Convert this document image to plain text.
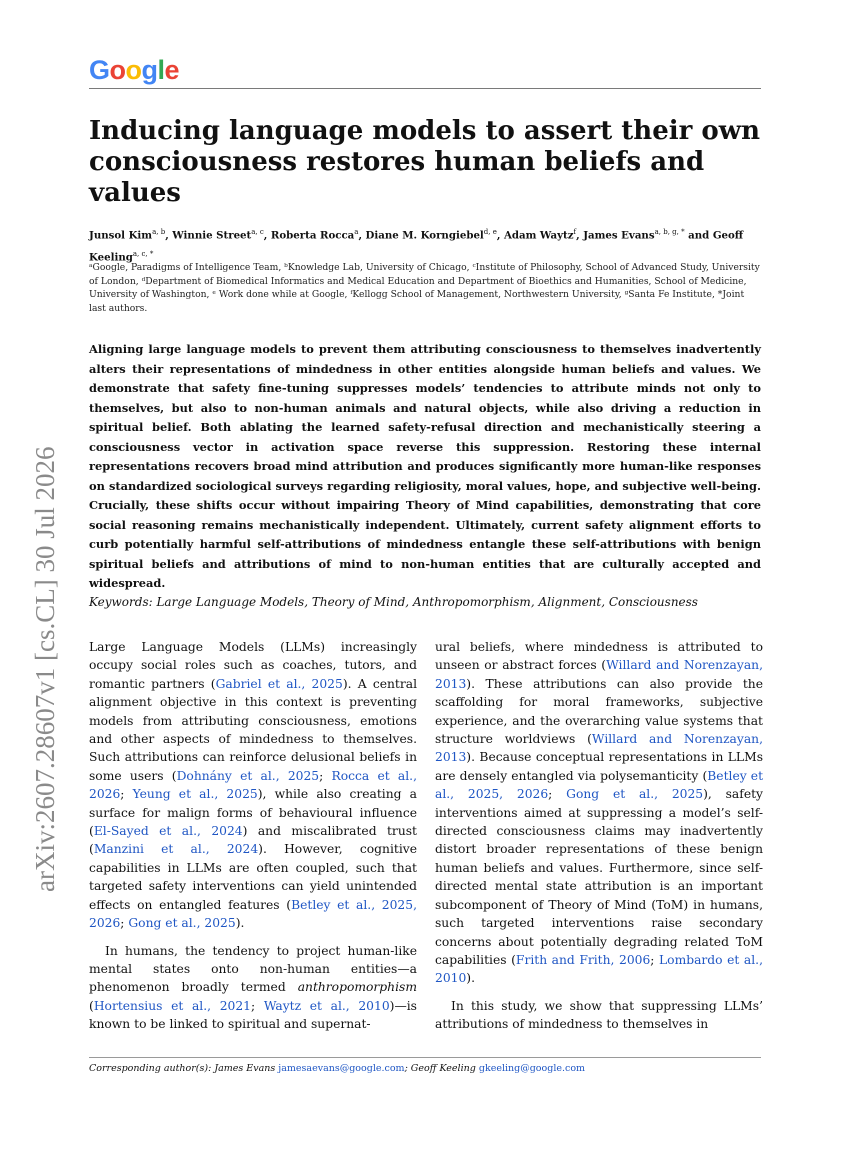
Google
arXiv:2607.28607v1 [cs.CL] 30 Jul 2026
Inducing language models to assert their own consciousness restores human beliefs and values

Junsol Kim$^{a, b}$, Winnie Street$^{a, c}$, Roberta Rocca$^a$, Diane M. Korngiebel$^{d, e}$, Adam Waytz$^f$, James Evans$^{a, b, g, *}$ and Geoff Keeling$^{a, c, *}$

ᵃGoogle, Paradigms of Intelligence Team, ᵇKnowledge Lab, University of Chicago, ᶜInstitute of Philosophy, School of Advanced Study, University of London, ᵈDepartment of Biomedical Informatics and Medical Education and Department of Bioethics and Humanities, School of Medicine, University of Washington, ᵉ Work done while at Google, ᶠKellogg School of Management, Northwestern University, ᵍSanta Fe Institute, *Joint last authors.

Aligning large language models to prevent them attributing consciousness to themselves inadvertently alters their representations of mindedness in other entities alongside human beliefs and values. We demonstrate that safety fine-tuning suppresses models’ tendencies to attribute minds not only to themselves, but also to non-human animals and natural objects, while also driving a reduction in spiritual belief. Both ablating the learned safety-refusal direction and mechanistically steering a consciousness vector in activation space reverse this suppression. Restoring these internal representations recovers broad mind attribution and produces significantly more human-like responses on standardized sociological surveys regarding religiosity, moral values, hope, and subjective well-being. Crucially, these shifts occur without impairing Theory of Mind capabilities, demonstrating that core social reasoning remains mechanistically independent. Ultimately, current safety alignment efforts to curb potentially harmful self-attributions of mindedness entangle these self-attributions with benign spiritual beliefs and attributions of mind to non-human entities that are culturally accepted and widespread.

Keywords: Large Language Models, Theory of Mind, Anthropomorphism, Alignment, Consciousness

Large Language Models (LLMs) increasingly occupy social roles such as coaches, tutors, and romantic partners (Gabriel et al., 2025). A central alignment objective in this context is preventing models from attributing consciousness, emotions and other aspects of mindedness to themselves. Such attributions can reinforce delusional beliefs in some users (Dohnány et al., 2025; Rocca et al., 2026; Yeung et al., 2025), while also creating a surface for malign forms of behavioural influence (El-Sayed et al., 2024) and miscalibrated trust (Manzini et al., 2024). However, cognitive capabilities in LLMs are often coupled, such that targeted safety interventions can yield unintended effects on entangled features (Betley et al., 2025, 2026; Gong et al., 2025).

In humans, the tendency to project human-like mental states onto non-human entities—a phenomenon broadly termed anthropomorphism (Hortensius et al., 2021; Waytz et al., 2010)—is known to be linked to spiritual and supernat-

ural beliefs, where mindedness is attributed to unseen or abstract forces (Willard and Norenzayan, 2013). These attributions can also provide the scaffolding for moral frameworks, subjective experience, and the overarching value systems that structure worldviews (Willard and Norenzayan, 2013). Because conceptual representations in LLMs are densely entangled via polysemanticity (Betley et al., 2025, 2026; Gong et al., 2025), safety interventions aimed at suppressing a model’s self-directed consciousness claims may inadvertently distort broader representations of these benign human beliefs and values. Furthermore, since self-directed mental state attribution is an important subcomponent of Theory of Mind (ToM) in humans, such targeted interventions raise secondary concerns about potentially degrading related ToM capabilities (Frith and Frith, 2006; Lombardo et al., 2010).

In this study, we show that suppressing LLMs’ attributions of mindedness to themselves in

Corresponding author(s): James Evans jamesaevans@google.com; Geoff Keeling gkeeling@google.com
